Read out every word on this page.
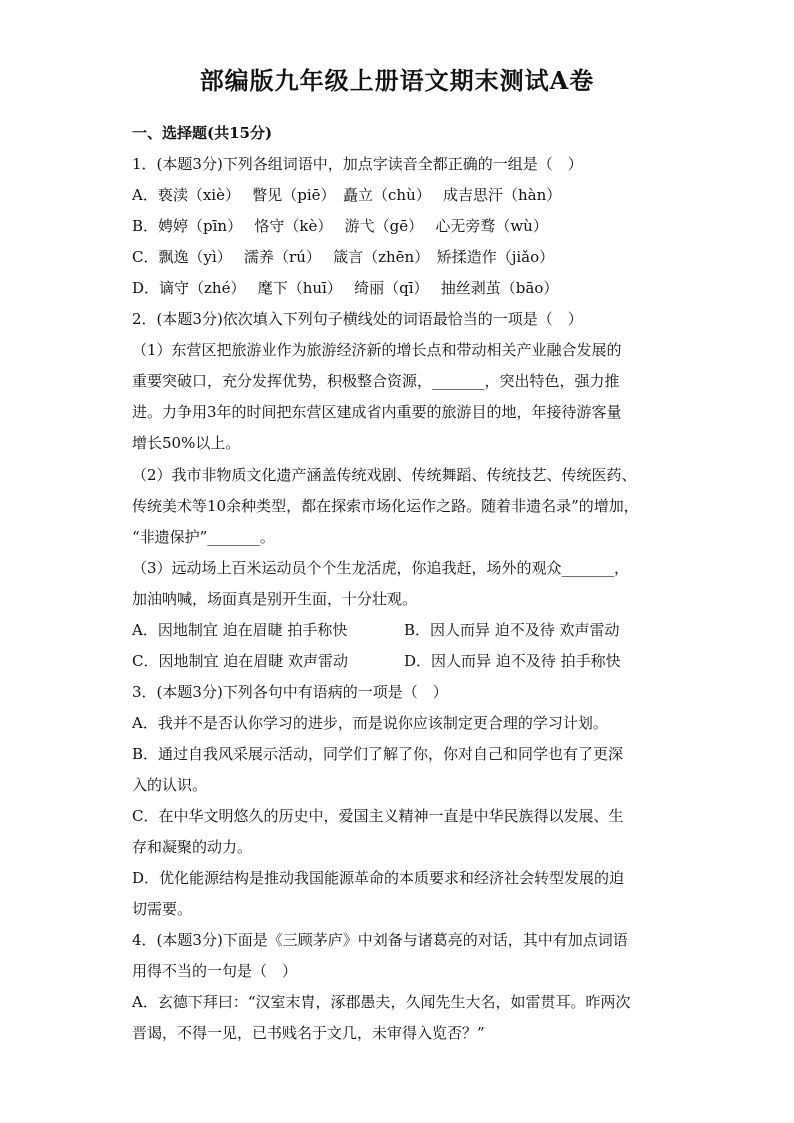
部编版九年级上册语文期末测试A卷
一、选择题(共15分)
1．(本题3分)下列各组词语中，加点字读音全都正确的一组是（　）
A．亵渎（xiè）　 瞥见（piē）　矗立（chù）　 成吉思汗（hàn）
B．娉婷（pīn）　 恪守（kè）　 游弋（gē）　 心无旁骛（wù）
C．飘逸（yì）　 濡养（rú）　 箴言（zhēn）　矫揉造作（jiǎo）
D．谪守（zhé）　 麾下（huī）　 绮丽（qī）　 抽丝剥茧（bāo）
2．(本题3分)依次填入下列句子横线处的词语最恰当的一项是（　）
（1）东营区把旅游业作为旅游经济新的增长点和带动相关产业融合发展的
重要突破口，充分发挥优势，积极整合资源，_______，突出特色，强力推
进。力争用3年的时间把东营区建成省内重要的旅游目的地，年接待游客量
增长50%以上。
（2）我市非物质文化遗产涵盖传统戏剧、传统舞蹈、传统技艺、传统医药、
传统美术等10余种类型，都在探索市场化运作之路。随着非遗名录”的增加，
“非遗保护”_______。
（3）远动场上百米运动员个个生龙活虎，你追我赶，场外的观众_______，
加油呐喊，场面真是别开生面，十分壮观。
A．因地制宜 迫在眉睫 拍手称快	B．因人而异 迫不及待 欢声雷动
C．因地制宜 迫在眉睫 欢声雷动	D．因人而异 迫不及待 拍手称快
3．(本题3分)下列各句中有语病的一项是（　）
A．我并不是否认你学习的进步，而是说你应该制定更合理的学习计划。
B．通过自我风采展示活动，同学们了解了你，你对自己和同学也有了更深
入的认识。
C．在中华文明悠久的历史中，爱国主义精神一直是中华民族得以发展、生
存和凝聚的动力。
D．优化能源结构是推动我国能源革命的本质要求和经济社会转型发展的迫
切需要。
4．(本题3分)下面是《三顾茅庐》中刘备与诸葛亮的对话，其中有加点词语
用得不当的一句是（　）
A．玄德下拜曰：“汉室末胄，涿郡愚夫，久闻先生大名，如雷贯耳。昨两次
晋谒，不得一见，已书贱名于文几，未审得入览否？”
